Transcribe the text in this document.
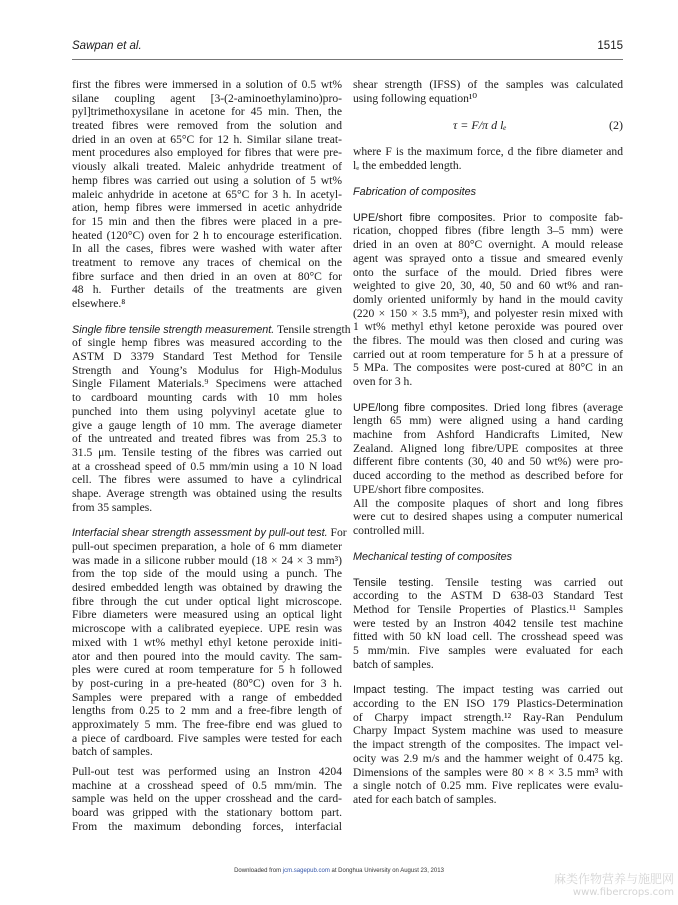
Sawpan et al.	1515
first the fibres were immersed in a solution of 0.5 wt%
silane coupling agent [3-(2-aminoethylamino)pro-
pyl]trimethoxysilane in acetone for 45 min. Then, the
treated fibres were removed from the solution and
dried in an oven at 65°C for 12 h. Similar silane treat-
ment procedures also employed for fibres that were pre-
viously alkali treated. Maleic anhydride treatment of
hemp fibres was carried out using a solution of 5 wt%
maleic anhydride in acetone at 65°C for 3 h. In acetyl-
ation, hemp fibres were immersed in acetic anhydride
for 15 min and then the fibres were placed in a pre-
heated (120°C) oven for 2 h to encourage esterification.
In all the cases, fibres were washed with water after
treatment to remove any traces of chemical on the
fibre surface and then dried in an oven at 80°C for
48 h. Further details of the treatments are given
elsewhere.⁸
Single fibre tensile strength measurement. Tensile strength
of single hemp fibres was measured according to the
ASTM D 3379 Standard Test Method for Tensile
Strength and Young’s Modulus for High-Modulus
Single Filament Materials.⁹ Specimens were attached
to cardboard mounting cards with 10 mm holes
punched into them using polyvinyl acetate glue to
give a gauge length of 10 mm. The average diameter
of the untreated and treated fibres was from 25.3 to
31.5 μm. Tensile testing of the fibres was carried out
at a crosshead speed of 0.5 mm/min using a 10 N load
cell. The fibres were assumed to have a cylindrical
shape. Average strength was obtained using the results
from 35 samples.
Interfacial shear strength assessment by pull-out test. For
pull-out specimen preparation, a hole of 6 mm diameter
was made in a silicone rubber mould (18 × 24 × 3 mm³)
from the top side of the mould using a punch. The
desired embedded length was obtained by drawing the
fibre through the cut under optical light microscope.
Fibre diameters were measured using an optical light
microscope with a calibrated eyepiece. UPE resin was
mixed with 1 wt% methyl ethyl ketone peroxide initi-
ator and then poured into the mould cavity. The sam-
ples were cured at room temperature for 5 h followed
by post-curing in a pre-heated (80°C) oven for 3 h.
Samples were prepared with a range of embedded
lengths from 0.25 to 2 mm and a free-fibre length of
approximately 5 mm. The free-fibre end was glued to
a piece of cardboard. Five samples were tested for each
batch of samples.
Pull-out test was performed using an Instron 4204
machine at a crosshead speed of 0.5 mm/min. The
sample was held on the upper crosshead and the card-
board was gripped with the stationary bottom part.
From the maximum debonding forces, interfacial
shear strength (IFSS) of the samples was calculated
using following equation¹⁰
τ = F/π d lₑ	(2)
where F is the maximum force, d the fibre diameter and
lₑ the embedded length.
Fabrication of composites
UPE/short fibre composites. Prior to composite fab-
rication, chopped fibres (fibre length 3–5 mm) were
dried in an oven at 80°C overnight. A mould release
agent was sprayed onto a tissue and smeared evenly
onto the surface of the mould. Dried fibres were
weighted to give 20, 30, 40, 50 and 60 wt% and ran-
domly oriented uniformly by hand in the mould cavity
(220 × 150 × 3.5 mm³), and polyester resin mixed with
1 wt% methyl ethyl ketone peroxide was poured over
the fibres. The mould was then closed and curing was
carried out at room temperature for 5 h at a pressure of
5 MPa. The composites were post-cured at 80°C in an
oven for 3 h.
UPE/long fibre composites. Dried long fibres (average
length 65 mm) were aligned using a hand carding
machine from Ashford Handicrafts Limited, New
Zealand. Aligned long fibre/UPE composites at three
different fibre contents (30, 40 and 50 wt%) were pro-
duced according to the method as described before for
UPE/short fibre composites.
All the composite plaques of short and long fibres
were cut to desired shapes using a computer numerical
controlled mill.
Mechanical testing of composites
Tensile testing. Tensile testing was carried out
according to the ASTM D 638-03 Standard Test
Method for Tensile Properties of Plastics.¹¹ Samples
were tested by an Instron 4042 tensile test machine
fitted with 50 kN load cell. The crosshead speed was
5 mm/min. Five samples were evaluated for each
batch of samples.
Impact testing. The impact testing was carried out
according to the EN ISO 179 Plastics-Determination
of Charpy impact strength.¹² Ray-Ran Pendulum
Charpy Impact System machine was used to measure
the impact strength of the composites. The impact vel-
ocity was 2.9 m/s and the hammer weight of 0.475 kg.
Dimensions of the samples were 80 × 8 × 3.5 mm³ with
a single notch of 0.25 mm. Five replicates were evalu-
ated for each batch of samples.
Downloaded from jcm.sagepub.com at Donghua University on August 23, 2013
麻类作物营养与施肥网
www.fibercrops.com
